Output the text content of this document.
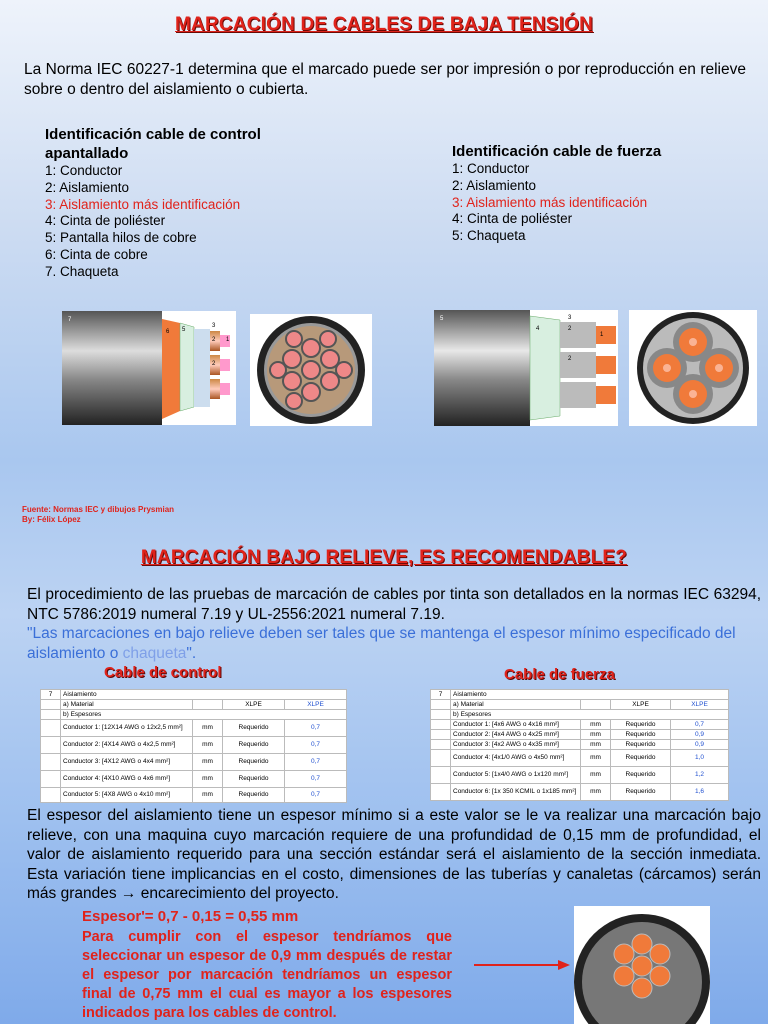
MARCACIÓN DE CABLES DE BAJA TENSIÓN
La Norma IEC 60227-1 determina que el marcado puede ser por impresión o por reproducción en relieve sobre o dentro del aislamiento o cubierta.
Identificación cable de control apantallado
1: Conductor
2: Aislamiento
3: Aislamiento más identificación
4: Cinta de poliéster
5: Pantalla hilos de cobre
6: Cinta de cobre
7. Chaqueta
Identificación cable de fuerza
1: Conductor
2: Aislamiento
3: Aislamiento más identificación
4: Cinta de poliéster
5: Chaqueta
7
6 5
3
2
2
1
5
4
3
2
2
1
Fuente: Normas IEC y dibujos Prysmian
By: Félix López
MARCACIÓN BAJO RELIEVE, ES RECOMENDABLE?
El procedimiento de las pruebas de marcación de cables por tinta son detallados en la normas IEC 63294, NTC 5786:2019 numeral 7.19 y UL-2556:2021 numeral 7.19.
"Las marcaciones en bajo relieve deben ser tales que se mantenga el espesor mínimo especificado del aislamiento o chaqueta".
Cable de control	Cable de fuerza
7	Aislamiento			
	a) Material		XLPE	XLPE
	b) Espesores			
	Conductor 1: [12X14 AWG o 12x2,5 mm²]	mm	Requerido	0,7
	Conductor 2: [4X14 AWG o 4x2,5 mm²]	mm	Requerido	0,7
	Conductor 3: [4X12 AWG o 4x4 mm²]	mm	Requerido	0,7
	Conductor 4: [4X10 AWG o 4x6 mm²]	mm	Requerido	0,7
	Conductor 5: [4X8 AWG o 4x10 mm²]	mm	Requerido	0,7
7	Aislamiento			
	a) Material		XLPE	XLPE
	b) Espesores			
	Conductor 1: [4x6 AWG o 4x16 mm²]	mm	Requerido	0,7
	Conductor 2: [4x4 AWG o 4x25 mm²]	mm	Requerido	0,9
	Conductor 3: [4x2 AWG o 4x35 mm²]	mm	Requerido	0,9
	Conductor 4: [4x1/0 AWG o 4x50 mm²]	mm	Requerido	1,0
	Conductor 5: [1x4/0 AWG o 1x120 mm²]	mm	Requerido	1,2
	Conductor 6: [1x 350 KCMIL o 1x185 mm²]	mm	Requerido	1,6
El espesor del aislamiento tiene un espesor mínimo si a este valor se le va realizar una marcación bajo relieve, con una maquina cuyo marcación requiere de una profundidad de 0,15 mm de profundidad, el valor de aislamiento requerido para una sección estándar será el aislamiento de la sección inmediata. Esta variación tiene implicancias en el costo, dimensiones de las tuberías y canaletas (cárcamos) serán más grandes → encarecimiento del proyecto.
Espesor'= 0,7 - 0,15 = 0,55 mm
Para cumplir con el espesor tendríamos que seleccionar un espesor de 0,9 mm después de restar el espesor por marcación tendríamos un espesor final de 0,75 mm el cual es mayor a los espesores indicados para los cables de control.
